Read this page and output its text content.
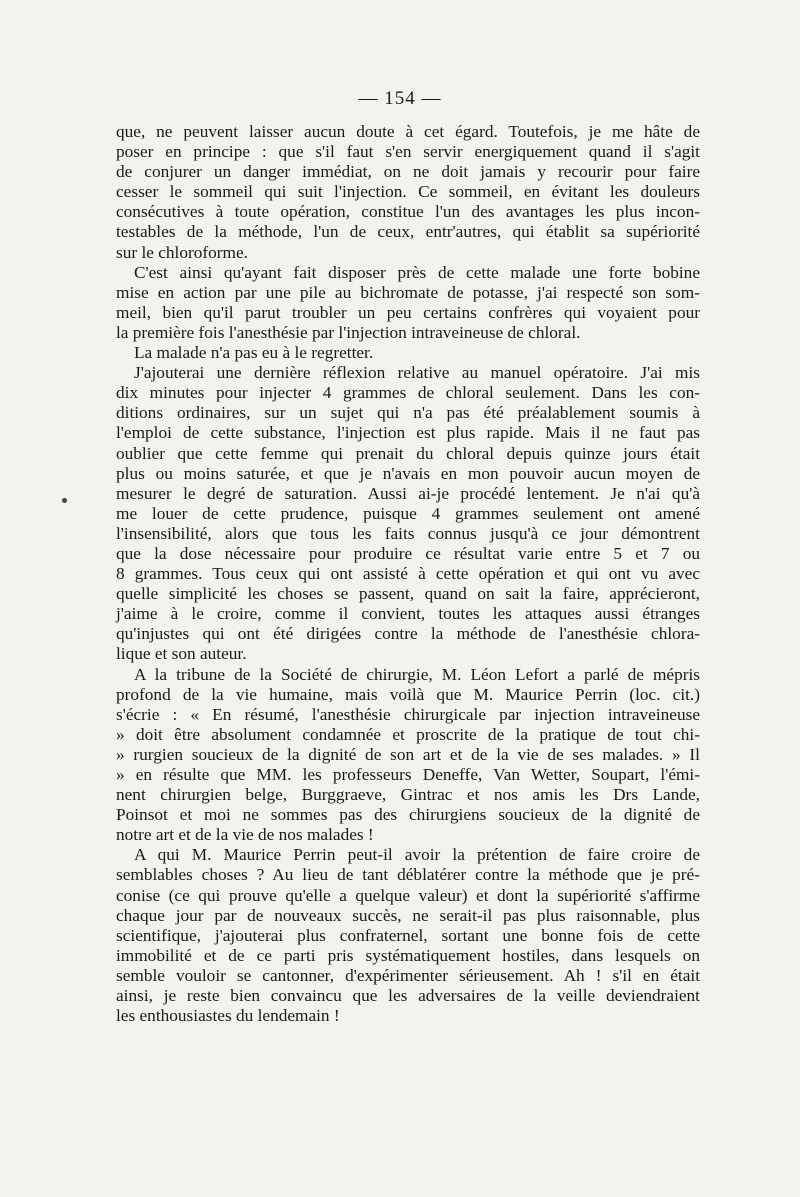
— 154 —
que, ne peuvent laisser aucun doute à cet égard. Toutefois, je me hâte de
poser en principe : que s'il faut s'en servir energiquement quand il s'agit
de conjurer un danger immédiat, on ne doit jamais y recourir pour faire
cesser le sommeil qui suit l'injection. Ce sommeil, en évitant les douleurs
consécutives à toute opération, constitue l'un des avantages les plus incon-
testables de la méthode, l'un de ceux, entr'autres, qui établit sa supériorité
sur le chloroforme.
C'est ainsi qu'ayant fait disposer près de cette malade une forte bobine
mise en action par une pile au bichromate de potasse, j'ai respecté son som-
meil, bien qu'il parut troubler un peu certains confrères qui voyaient pour
la première fois l'anesthésie par l'injection intraveineuse de chloral.
La malade n'a pas eu à le regretter.
J'ajouterai une dernière réflexion relative au manuel opératoire. J'ai mis
dix minutes pour injecter 4 grammes de chloral seulement. Dans les con-
ditions ordinaires, sur un sujet qui n'a pas été préalablement soumis à
l'emploi de cette substance, l'injection est plus rapide. Mais il ne faut pas
oublier que cette femme qui prenait du chloral depuis quinze jours était
plus ou moins saturée, et que je n'avais en mon pouvoir aucun moyen de
mesurer le degré de saturation. Aussi ai-je procédé lentement. Je n'ai qu'à
me louer de cette prudence, puisque 4 grammes seulement ont amené
l'insensibilité, alors que tous les faits connus jusqu'à ce jour démontrent
que la dose nécessaire pour produire ce résultat varie entre 5 et 7 ou
8 grammes. Tous ceux qui ont assisté à cette opération et qui ont vu avec
quelle simplicité les choses se passent, quand on sait la faire, apprécieront,
j'aime à le croire, comme il convient, toutes les attaques aussi étranges
qu'injustes qui ont été dirigées contre la méthode de l'anesthésie chlora-
lique et son auteur.
A la tribune de la Société de chirurgie, M. Léon Lefort a parlé de mépris
profond de la vie humaine, mais voilà que M. Maurice Perrin (loc. cit.)
s'écrie : « En résumé, l'anesthésie chirurgicale par injection intraveineuse
» doit être absolument condamnée et proscrite de la pratique de tout chi-
» rurgien soucieux de la dignité de son art et de la vie de ses malades. » Il
» en résulte que MM. les professeurs Deneffe, Van Wetter, Soupart, l'émi-
nent chirurgien belge, Burggraeve, Gintrac et nos amis les Drs Lande,
Poinsot et moi ne sommes pas des chirurgiens soucieux de la dignité de
notre art et de la vie de nos malades !
A qui M. Maurice Perrin peut-il avoir la prétention de faire croire de
semblables choses ? Au lieu de tant déblatérer contre la méthode que je pré-
conise (ce qui prouve qu'elle a quelque valeur) et dont la supériorité s'affirme
chaque jour par de nouveaux succès, ne serait-il pas plus raisonnable, plus
scientifique, j'ajouterai plus confraternel, sortant une bonne fois de cette
immobilité et de ce parti pris systématiquement hostiles, dans lesquels on
semble vouloir se cantonner, d'expérimenter sérieusement. Ah ! s'il en était
ainsi, je reste bien convaincu que les adversaires de la veille deviendraient
les enthousiastes du lendemain !
